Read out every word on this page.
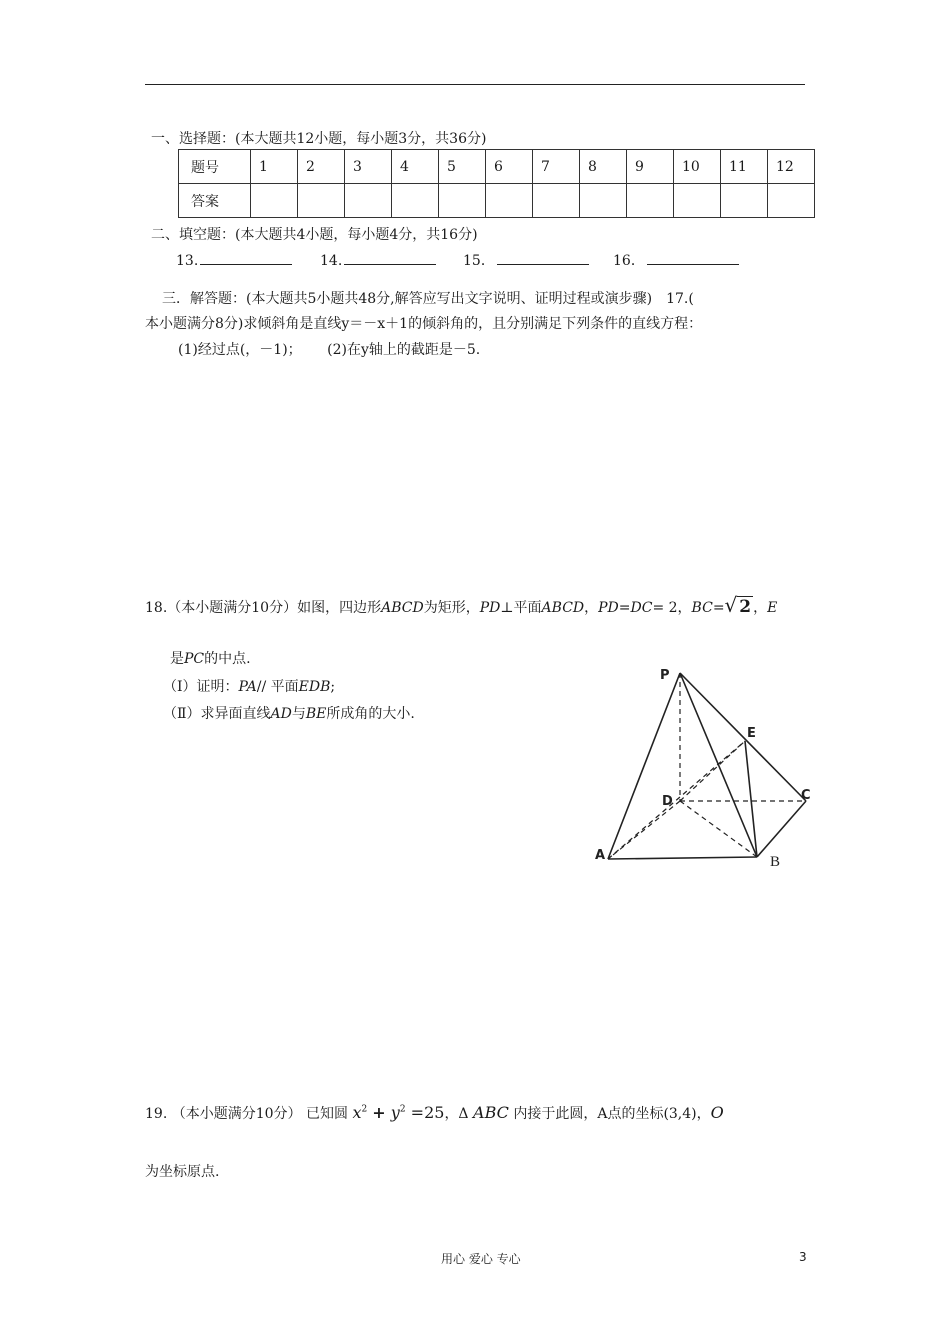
一、选择题：(本大题共12小题，每小题3分，共36分)
题号	1	2	3	4	5	6	7	8	9	10	11	12
答案												
二、填空题：(本大题共4小题，每小题4分，共16分)
13.	14.	15．	16．
三．解答题：(本大题共5小题共48分,解答应写出文字说明、证明过程或演步骤)　17.(
本小题满分8分)求倾斜角是直线y＝－x＋1的倾斜角的，且分别满足下列条件的直线方程：
(1)经过点(，－1)；　　 (2)在y轴上的截距是－5.
18.（本小题满分10分）如图，四边形ABCD为矩形，PD⊥平面ABCD，PD=DC= 2，BC=√ 2 ，E
是PC的中点.
（Ⅰ）证明：PA// 平面EDB;
（Ⅱ）求异面直线AD与BE所成角的大小.
P
E
D	C
A	B
19. （本小题满分10分） 已知圆 $x^2 + y^2 =25$，Δ ABC 内接于此圆，A点的坐标(3,4)，O
为坐标原点.
用心 爱心 专心	3
